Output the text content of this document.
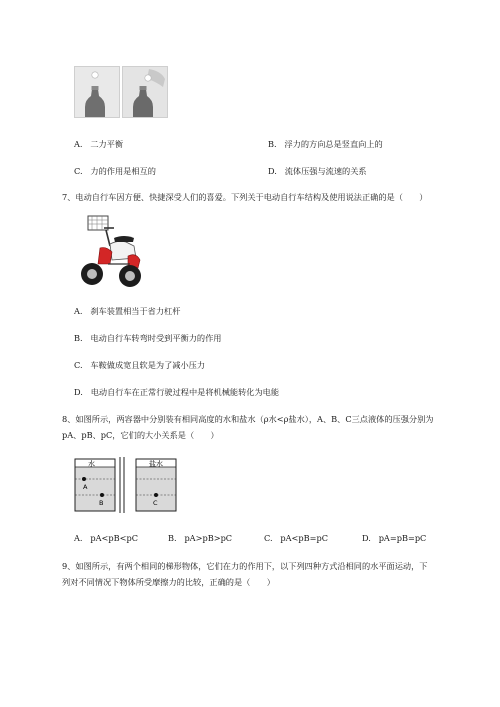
A. 二力平衡	B. 浮力的方向总是竖直向上的
C. 力的作用是相互的	D. 流体压强与流速的关系
7、电动自行车因方便、快捷深受人们的喜爱。下列关于电动自行车结构及使用说法正确的是（　　）
A. 刹车装置相当于省力杠杆
B. 电动自行车转弯时受到平衡力的作用
C. 车鞍做成宽且软是为了减小压力
D. 电动自行车在正常行驶过程中是将机械能转化为电能
8、如图所示，两容器中分别装有相同高度的水和盐水（ρ水<ρ盐水），A、B、C三点液体的压强分别为
pA、pB、pC，它们的大小关系是（　　）
水	盐水
A
B	C
A. pA<pB<pC	B. pA>pB>pC	C. pA<pB=pC	D. pA=pB=pC
9、如图所示，有两个相同的梯形物体，它们在力的作用下，以下列四种方式沿相同的水平面运动，下
列对不同情况下物体所受摩擦力的比较，正确的是（　　）
